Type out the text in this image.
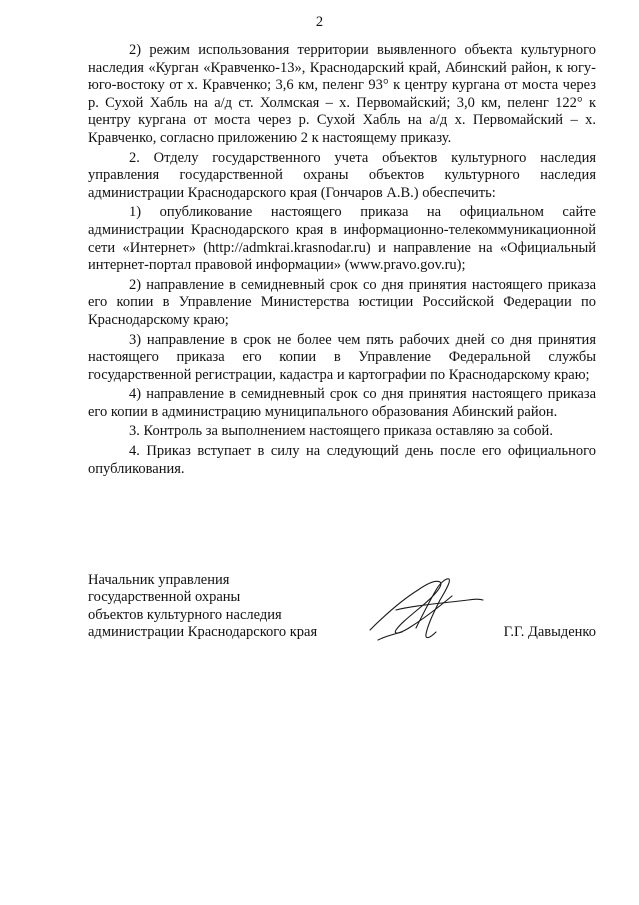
2

2) режим использования территории выявленного объекта культурного наследия «Курган «Кравченко-13», Краснодарский край, Абинский район, к югу-юго-востоку от х. Кравченко; 3,6 км, пеленг 93° к центру кургана от моста через р. Сухой Хабль на а/д ст. Холмская – х. Первомайский; 3,0 км, пеленг 122° к центру кургана от моста через р. Сухой Хабль на а/д х. Первомайский – х. Кравченко, согласно приложению 2 к настоящему приказу.

2. Отделу государственного учета объектов культурного наследия управления государственной охраны объектов культурного наследия администрации Краснодарского края (Гончаров А.В.) обеспечить:

1) опубликование настоящего приказа на официальном сайте администрации Краснодарского края в информационно-телекоммуникационной сети «Интернет» (http://admkrai.krasnodar.ru) и направление на «Официальный интернет-портал правовой информации» (www.pravo.gov.ru);

2) направление в семидневный срок со дня принятия настоящего приказа его копии в Управление Министерства юстиции Российской Федерации по Краснодарскому краю;

3) направление в срок не более чем пять рабочих дней со дня принятия настоящего приказа его копии в Управление Федеральной службы государственной регистрации, кадастра и картографии по Краснодарскому краю;

4) направление в семидневный срок со дня принятия настоящего приказа его копии в администрацию муниципального образования Абинский район.

3. Контроль за выполнением настоящего приказа оставляю за собой.

4. Приказ вступает в силу на следующий день после его официального опубликования.

Начальник управления
государственной охраны
объектов культурного наследия
администрации Краснодарского края	Г.Г. Давыденко
